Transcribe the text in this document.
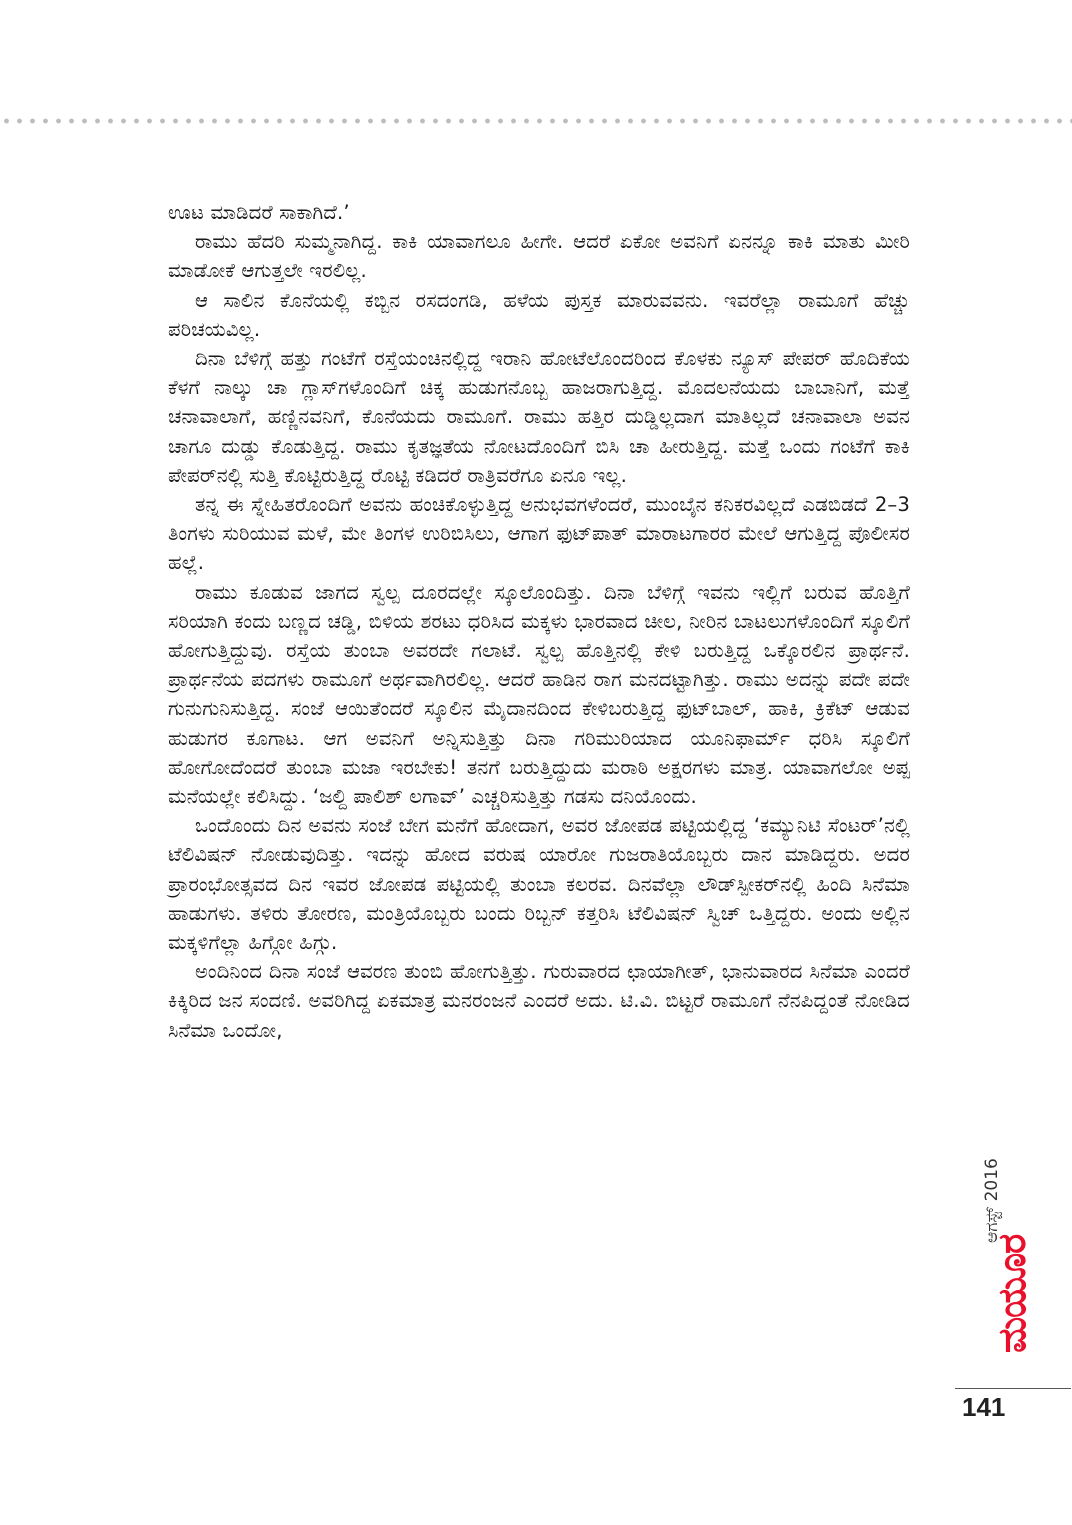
ಊಟ ಮಾಡಿದರೆ ಸಾಕಾಗಿದೆ.’

ರಾಮು ಹೆದರಿ ಸುಮ್ಮನಾಗಿದ್ದ. ಕಾಕಿ ಯಾವಾಗಲೂ ಹೀಗೇ. ಆದರೆ ಏಕೋ ಅವನಿಗೆ ಏನನ್ನೂ ಕಾಕಿ ಮಾತು ಮೀರಿ ಮಾಡೋಕೆ ಆಗುತ್ತಲೇ ಇರಲಿಲ್ಲ.

ಆ ಸಾಲಿನ ಕೊನೆಯಲ್ಲಿ ಕಬ್ಬಿನ ರಸದಂಗಡಿ, ಹಳೆಯ ಪುಸ್ತಕ ಮಾರುವವನು. ಇವರೆಲ್ಲಾ ರಾಮೂಗೆ ಹೆಚ್ಚು ಪರಿಚಯವಿಲ್ಲ.

ದಿನಾ ಬೆಳಿಗ್ಗೆ ಹತ್ತು ಗಂಟೆಗೆ ರಸ್ತೆಯಂಚಿನಲ್ಲಿದ್ದ ಇರಾನಿ ಹೋಟೆಲೊಂದರಿಂದ ಕೊಳಕು ನ್ಯೂಸ್ ಪೇಪರ್ ಹೊದಿಕೆಯ ಕೆಳಗೆ ನಾಲ್ಕು ಚಾ ಗ್ಲಾಸ್‌ಗಳೊಂದಿಗೆ ಚಿಕ್ಕ ಹುಡುಗನೊಬ್ಬ ಹಾಜರಾಗುತ್ತಿದ್ದ. ಮೊದಲನೆಯದು ಬಾಬಾನಿಗೆ, ಮತ್ತೆ ಚನಾವಾಲಾಗೆ, ಹಣ್ಣಿನವನಿಗೆ, ಕೊನೆಯದು ರಾಮೂಗೆ. ರಾಮು ಹತ್ತಿರ ದುಡ್ಡಿಲ್ಲದಾಗ ಮಾತಿಲ್ಲದೆ ಚನಾವಾಲಾ ಅವನ ಚಾಗೂ ದುಡ್ಡು ಕೊಡುತ್ತಿದ್ದ. ರಾಮು ಕೃತಜ್ಞತೆಯ ನೋಟದೊಂದಿಗೆ ಬಿಸಿ ಚಾ ಹೀರುತ್ತಿದ್ದ. ಮತ್ತೆ ಒಂದು ಗಂಟೆಗೆ ಕಾಕಿ ಪೇಪರ್‌ನಲ್ಲಿ ಸುತ್ತಿ ಕೊಟ್ಟಿರುತ್ತಿದ್ದ ರೊಟ್ಟಿ ಕಡಿದರೆ ರಾತ್ರಿವರೆಗೂ ಏನೂ ಇಲ್ಲ.

ತನ್ನ ಈ ಸ್ನೇಹಿತರೊಂದಿಗೆ ಅವನು ಹಂಚಿಕೊಳ್ಳುತ್ತಿದ್ದ ಅನುಭವಗಳೆಂದರೆ, ಮುಂಬೈನ ಕನಿಕರವಿಲ್ಲದೆ ಎಡಬಿಡದೆ 2–3 ತಿಂಗಳು ಸುರಿಯುವ ಮಳೆ, ಮೇ ತಿಂಗಳ ಉರಿಬಿಸಿಲು, ಆಗಾಗ ಫುಟ್‌ಪಾತ್ ಮಾರಾಟಗಾರರ ಮೇಲೆ ಆಗುತ್ತಿದ್ದ ಪೊಲೀಸರ ಹಲ್ಲೆ.

ರಾಮು ಕೂಡುವ ಜಾಗದ ಸ್ವಲ್ಪ ದೂರದಲ್ಲೇ ಸ್ಕೂಲೊಂದಿತ್ತು. ದಿನಾ ಬೆಳಿಗ್ಗೆ ಇವನು ಇಲ್ಲಿಗೆ ಬರುವ ಹೊತ್ತಿಗೆ ಸರಿಯಾಗಿ ಕಂದು ಬಣ್ಣದ ಚಡ್ಡಿ, ಬಿಳಿಯ ಶರಟು ಧರಿಸಿದ ಮಕ್ಕಳು ಭಾರವಾದ ಚೀಲ, ನೀರಿನ ಬಾಟಲುಗಳೊಂದಿಗೆ ಸ್ಕೂಲಿಗೆ ಹೋಗುತ್ತಿದ್ದುವು. ರಸ್ತೆಯ ತುಂಬಾ ಅವರದೇ ಗಲಾಟೆ. ಸ್ವಲ್ಪ ಹೊತ್ತಿನಲ್ಲಿ ಕೇಳಿ ಬರುತ್ತಿದ್ದ ಒಕ್ಕೊರಲಿನ ಪ್ರಾರ್ಥನೆ. ಪ್ರಾರ್ಥನೆಯ ಪದಗಳು ರಾಮೂಗೆ ಅರ್ಥವಾಗಿರಲಿಲ್ಲ. ಆದರೆ ಹಾಡಿನ ರಾಗ ಮನದಟ್ಟಾಗಿತ್ತು. ರಾಮು ಅದನ್ನು ಪದೇ ಪದೇ ಗುನುಗುನಿಸುತ್ತಿದ್ದ. ಸಂಜೆ ಆಯಿತೆಂದರೆ ಸ್ಕೂಲಿನ ಮೈದಾನದಿಂದ ಕೇಳಿಬರುತ್ತಿದ್ದ ಫುಟ್‌ಬಾಲ್, ಹಾಕಿ, ಕ್ರಿಕೆಟ್ ಆಡುವ ಹುಡುಗರ ಕೂಗಾಟ. ಆಗ ಅವನಿಗೆ ಅನ್ನಿಸುತ್ತಿತ್ತು ದಿನಾ ಗರಿಮುರಿಯಾದ ಯೂನಿಫಾರ್ಮ್ ಧರಿಸಿ ಸ್ಕೂಲಿಗೆ ಹೋಗೋದೆಂದರೆ ತುಂಬಾ ಮಜಾ ಇರಬೇಕು! ತನಗೆ ಬರುತ್ತಿದ್ದುದು ಮರಾಠಿ ಅಕ್ಷರಗಳು ಮಾತ್ರ. ಯಾವಾಗಲೋ ಅಪ್ಪ ಮನೆಯಲ್ಲೇ ಕಲಿಸಿದ್ದು. ‘ಜಲ್ದಿ ಪಾಲಿಶ್ ಲಗಾವ್’ ಎಚ್ಚರಿಸುತ್ತಿತ್ತು ಗಡಸು ದನಿಯೊಂದು.

ಒಂದೊಂದು ದಿನ ಅವನು ಸಂಜೆ ಬೇಗ ಮನೆಗೆ ಹೋದಾಗ, ಅವರ ಜೋಪಡ ಪಟ್ಟಿಯಲ್ಲಿದ್ದ ‘ಕಮ್ಯುನಿಟಿ ಸೆಂಟರ್’ನಲ್ಲಿ ಟೆಲಿವಿಷನ್ ನೋಡುವುದಿತ್ತು. ಇದನ್ನು ಹೋದ ವರುಷ ಯಾರೋ ಗುಜರಾತಿಯೊಬ್ಬರು ದಾನ ಮಾಡಿದ್ದರು. ಅದರ ಪ್ರಾರಂಭೋತ್ಸವದ ದಿನ ಇವರ ಜೋಪಡ ಪಟ್ಟಿಯಲ್ಲಿ ತುಂಬಾ ಕಲರವ. ದಿನವೆಲ್ಲಾ ಲೌಡ್‌ಸ್ಪೀಕರ್‌ನಲ್ಲಿ ಹಿಂದಿ ಸಿನೆಮಾ ಹಾಡುಗಳು. ತಳಿರು ತೋರಣ, ಮಂತ್ರಿಯೊಬ್ಬರು ಬಂದು ರಿಬ್ಬನ್ ಕತ್ತರಿಸಿ ಟೆಲಿವಿಷನ್ ಸ್ವಿಚ್ ಒತ್ತಿದ್ದರು. ಅಂದು ಅಲ್ಲಿನ ಮಕ್ಕಳಿಗೆಲ್ಲಾ ಹಿಗ್ಗೋ ಹಿಗ್ಗು.

ಅಂದಿನಿಂದ ದಿನಾ ಸಂಜೆ ಆವರಣ ತುಂಬಿ ಹೋಗುತ್ತಿತ್ತು. ಗುರುವಾರದ ಛಾಯಾಗೀತ್, ಭಾನುವಾರದ ಸಿನೆಮಾ ಎಂದರೆ ಕಿಕ್ಕಿರಿದ ಜನ ಸಂದಣಿ. ಅವರಿಗಿದ್ದ ಏಕಮಾತ್ರ ಮನರಂಜನೆ ಎಂದರೆ ಅದು. ಟಿ.ವಿ. ಬಿಟ್ಟರೆ ರಾಮೂಗೆ ನೆನಪಿದ್ದಂತೆ ನೋಡಿದ ಸಿನೆಮಾ ಒಂದೋ,

ಆಗಸ್ಟ್ 2016
ಮಯೂರ
141
